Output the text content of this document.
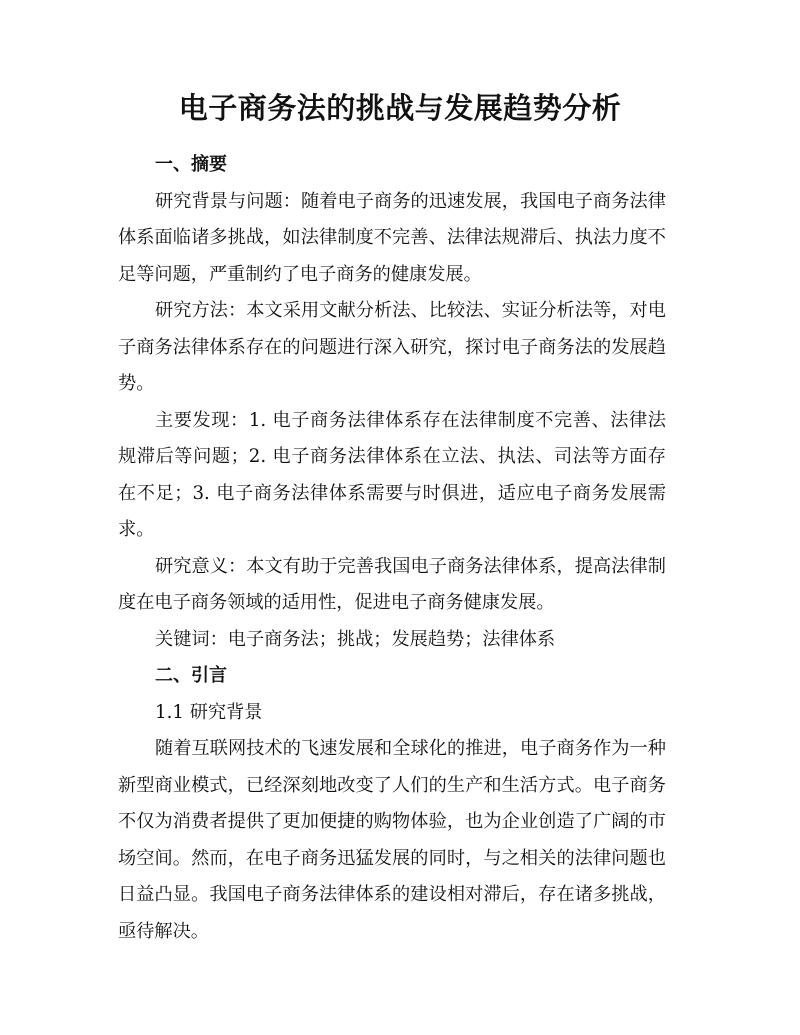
电子商务法的挑战与发展趋势分析

一、摘要

研究背景与问题：随着电子商务的迅速发展，我国电子商务法律体系面临诸多挑战，如法律制度不完善、法律法规滞后、执法力度不足等问题，严重制约了电子商务的健康发展。

研究方法：本文采用文献分析法、比较法、实证分析法等，对电子商务法律体系存在的问题进行深入研究，探讨电子商务法的发展趋势。

主要发现：1. 电子商务法律体系存在法律制度不完善、法律法规滞后等问题；2. 电子商务法律体系在立法、执法、司法等方面存在不足；3. 电子商务法律体系需要与时俱进，适应电子商务发展需求。

研究意义：本文有助于完善我国电子商务法律体系，提高法律制度在电子商务领域的适用性，促进电子商务健康发展。

关键词：电子商务法；挑战；发展趋势；法律体系

二、引言

1.1 研究背景

随着互联网技术的飞速发展和全球化的推进，电子商务作为一种新型商业模式，已经深刻地改变了人们的生产和生活方式。电子商务不仅为消费者提供了更加便捷的购物体验，也为企业创造了广阔的市场空间。然而，在电子商务迅猛发展的同时，与之相关的法律问题也日益凸显。我国电子商务法律体系的建设相对滞后，存在诸多挑战，亟待解决。
